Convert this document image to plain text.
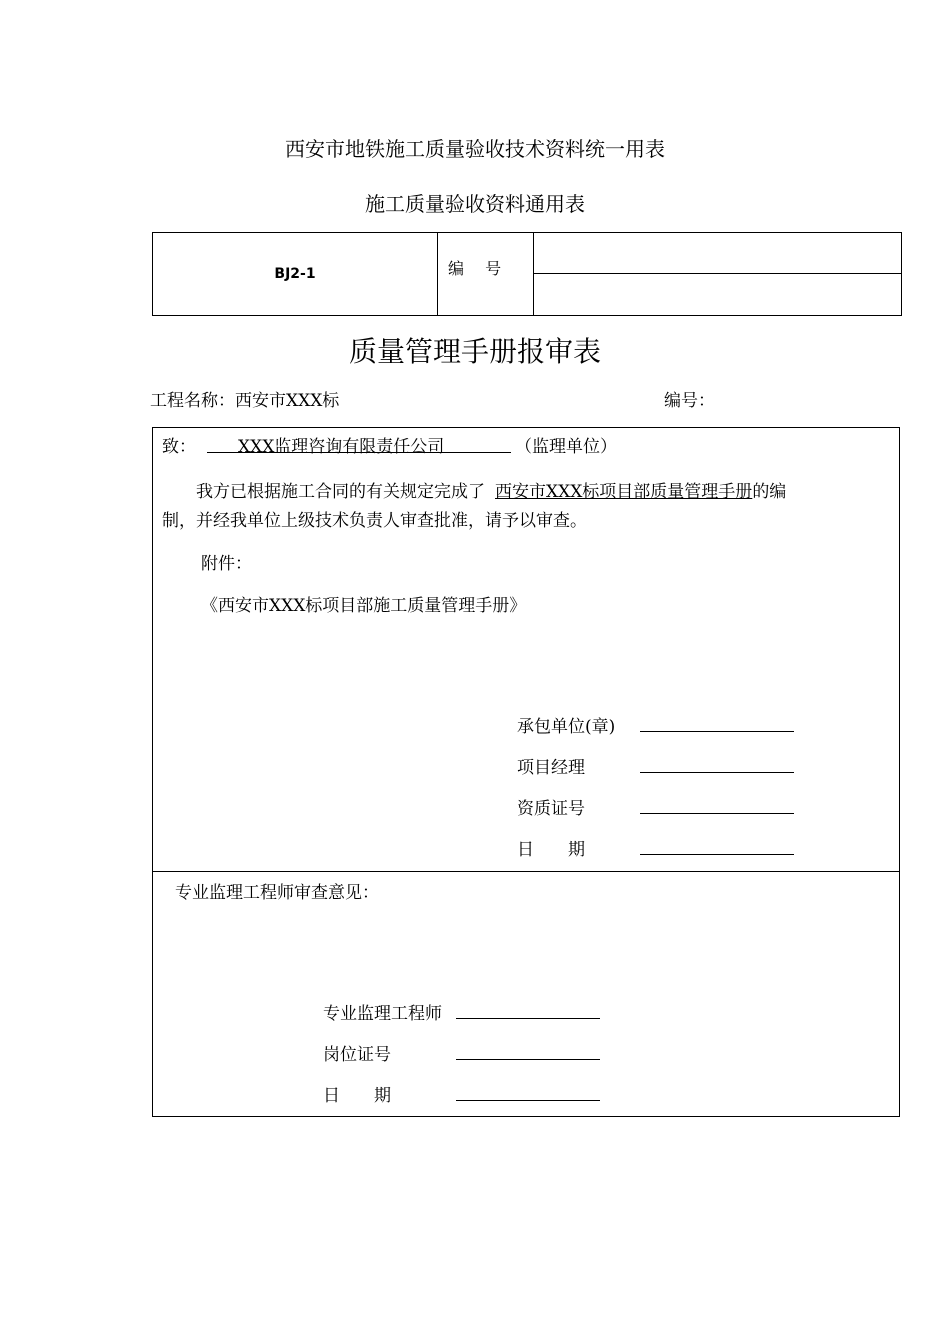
西安市地铁施工质量验收技术资料统一用表
施工质量验收资料通用表
BJ2-1	编 号
质量管理手册报审表
工程名称：西安市XXX标	编号：
致： XXX监理咨询有限责任公司	（监理单位）
我方已根据施工合同的有关规定完成了 西安市XXX标项目部质量管理手册的编
制，并经我单位上级技术负责人审查批准，请予以审查。
附件：
《西安市XXX标项目部施工质量管理手册》
承包单位(章)
项目经理
资质证号
日　　期
专业监理工程师审查意见：
专业监理工程师
岗位证号
日　　期
